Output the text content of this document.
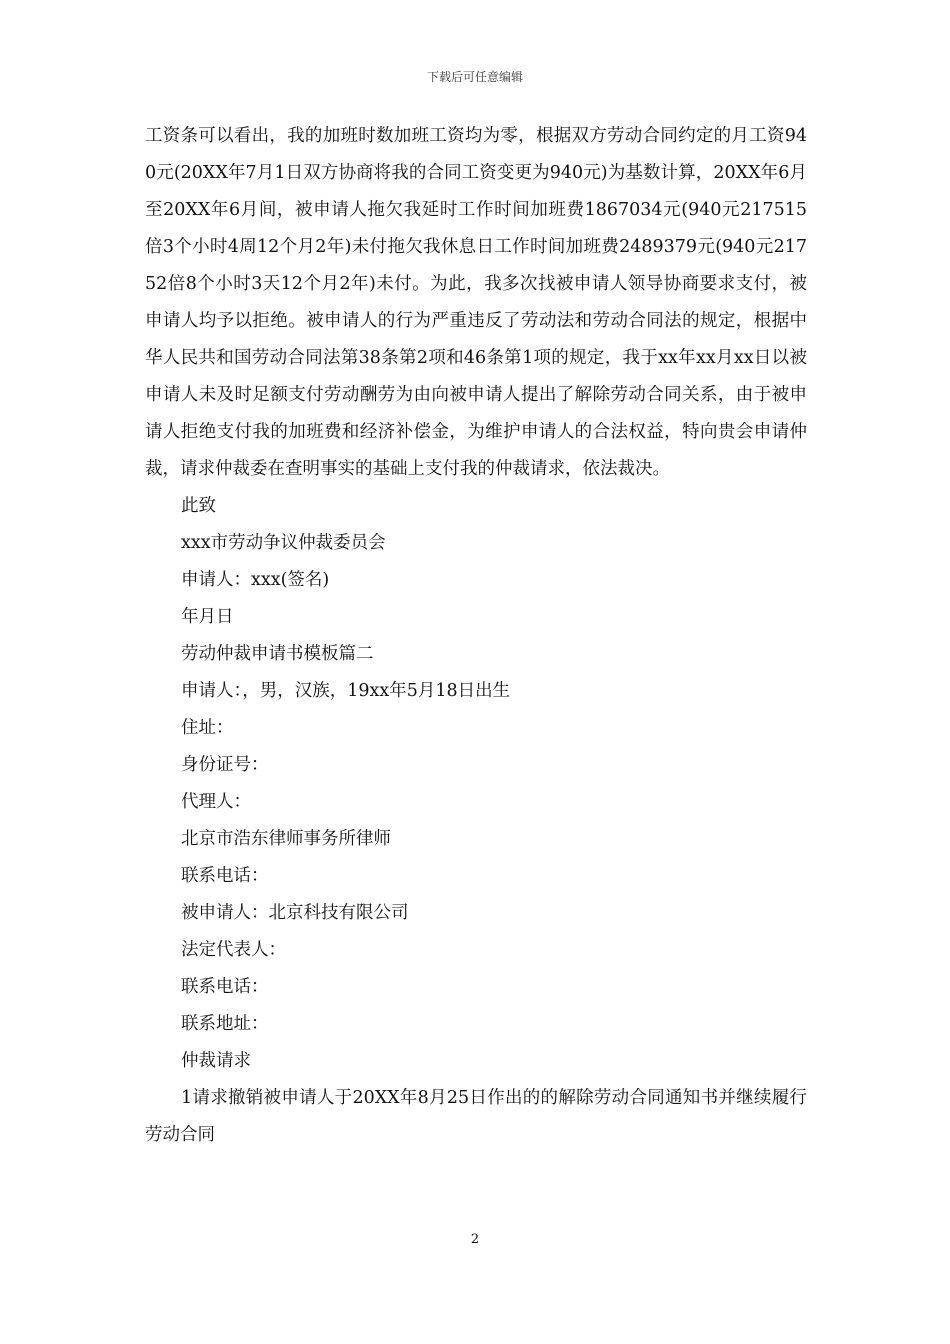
下载后可任意编辑

工资条可以看出，我的加班时数加班工资均为零，根据双方劳动合同约定的月工资940元(20XX年7月1日双方协商将我的合同工资变更为940元)为基数计算，20XX年6月至20XX年6月间，被申请人拖欠我延时工作时间加班费1867034元(940元217515倍3个小时4周12个月2年)未付拖欠我休息日工作时间加班费2489379元(940元21752倍8个小时3天12个月2年)未付。为此，我多次找被申请人领导协商要求支付，被申请人均予以拒绝。被申请人的行为严重违反了劳动法和劳动合同法的规定，根据中华人民共和国劳动合同法第38条第2项和46条第1项的规定，我于xx年xx月xx日以被申请人未及时足额支付劳动酬劳为由向被申请人提出了解除劳动合同关系，由于被申请人拒绝支付我的加班费和经济补偿金，为维护申请人的合法权益，特向贵会申请仲裁，请求仲裁委在查明事实的基础上支付我的仲裁请求，依法裁决。

此致

xxx市劳动争议仲裁委员会

申请人：xxx(签名)

年月日

劳动仲裁申请书模板篇二

申请人：，男，汉族，19xx年5月18日出生

住址：

身份证号：

代理人：

北京市浩东律师事务所律师

联系电话：

被申请人：北京科技有限公司

法定代表人：

联系电话：

联系地址：

仲裁请求

1请求撤销被申请人于20XX年8月25日作出的的解除劳动合同通知书并继续履行劳动合同

2
